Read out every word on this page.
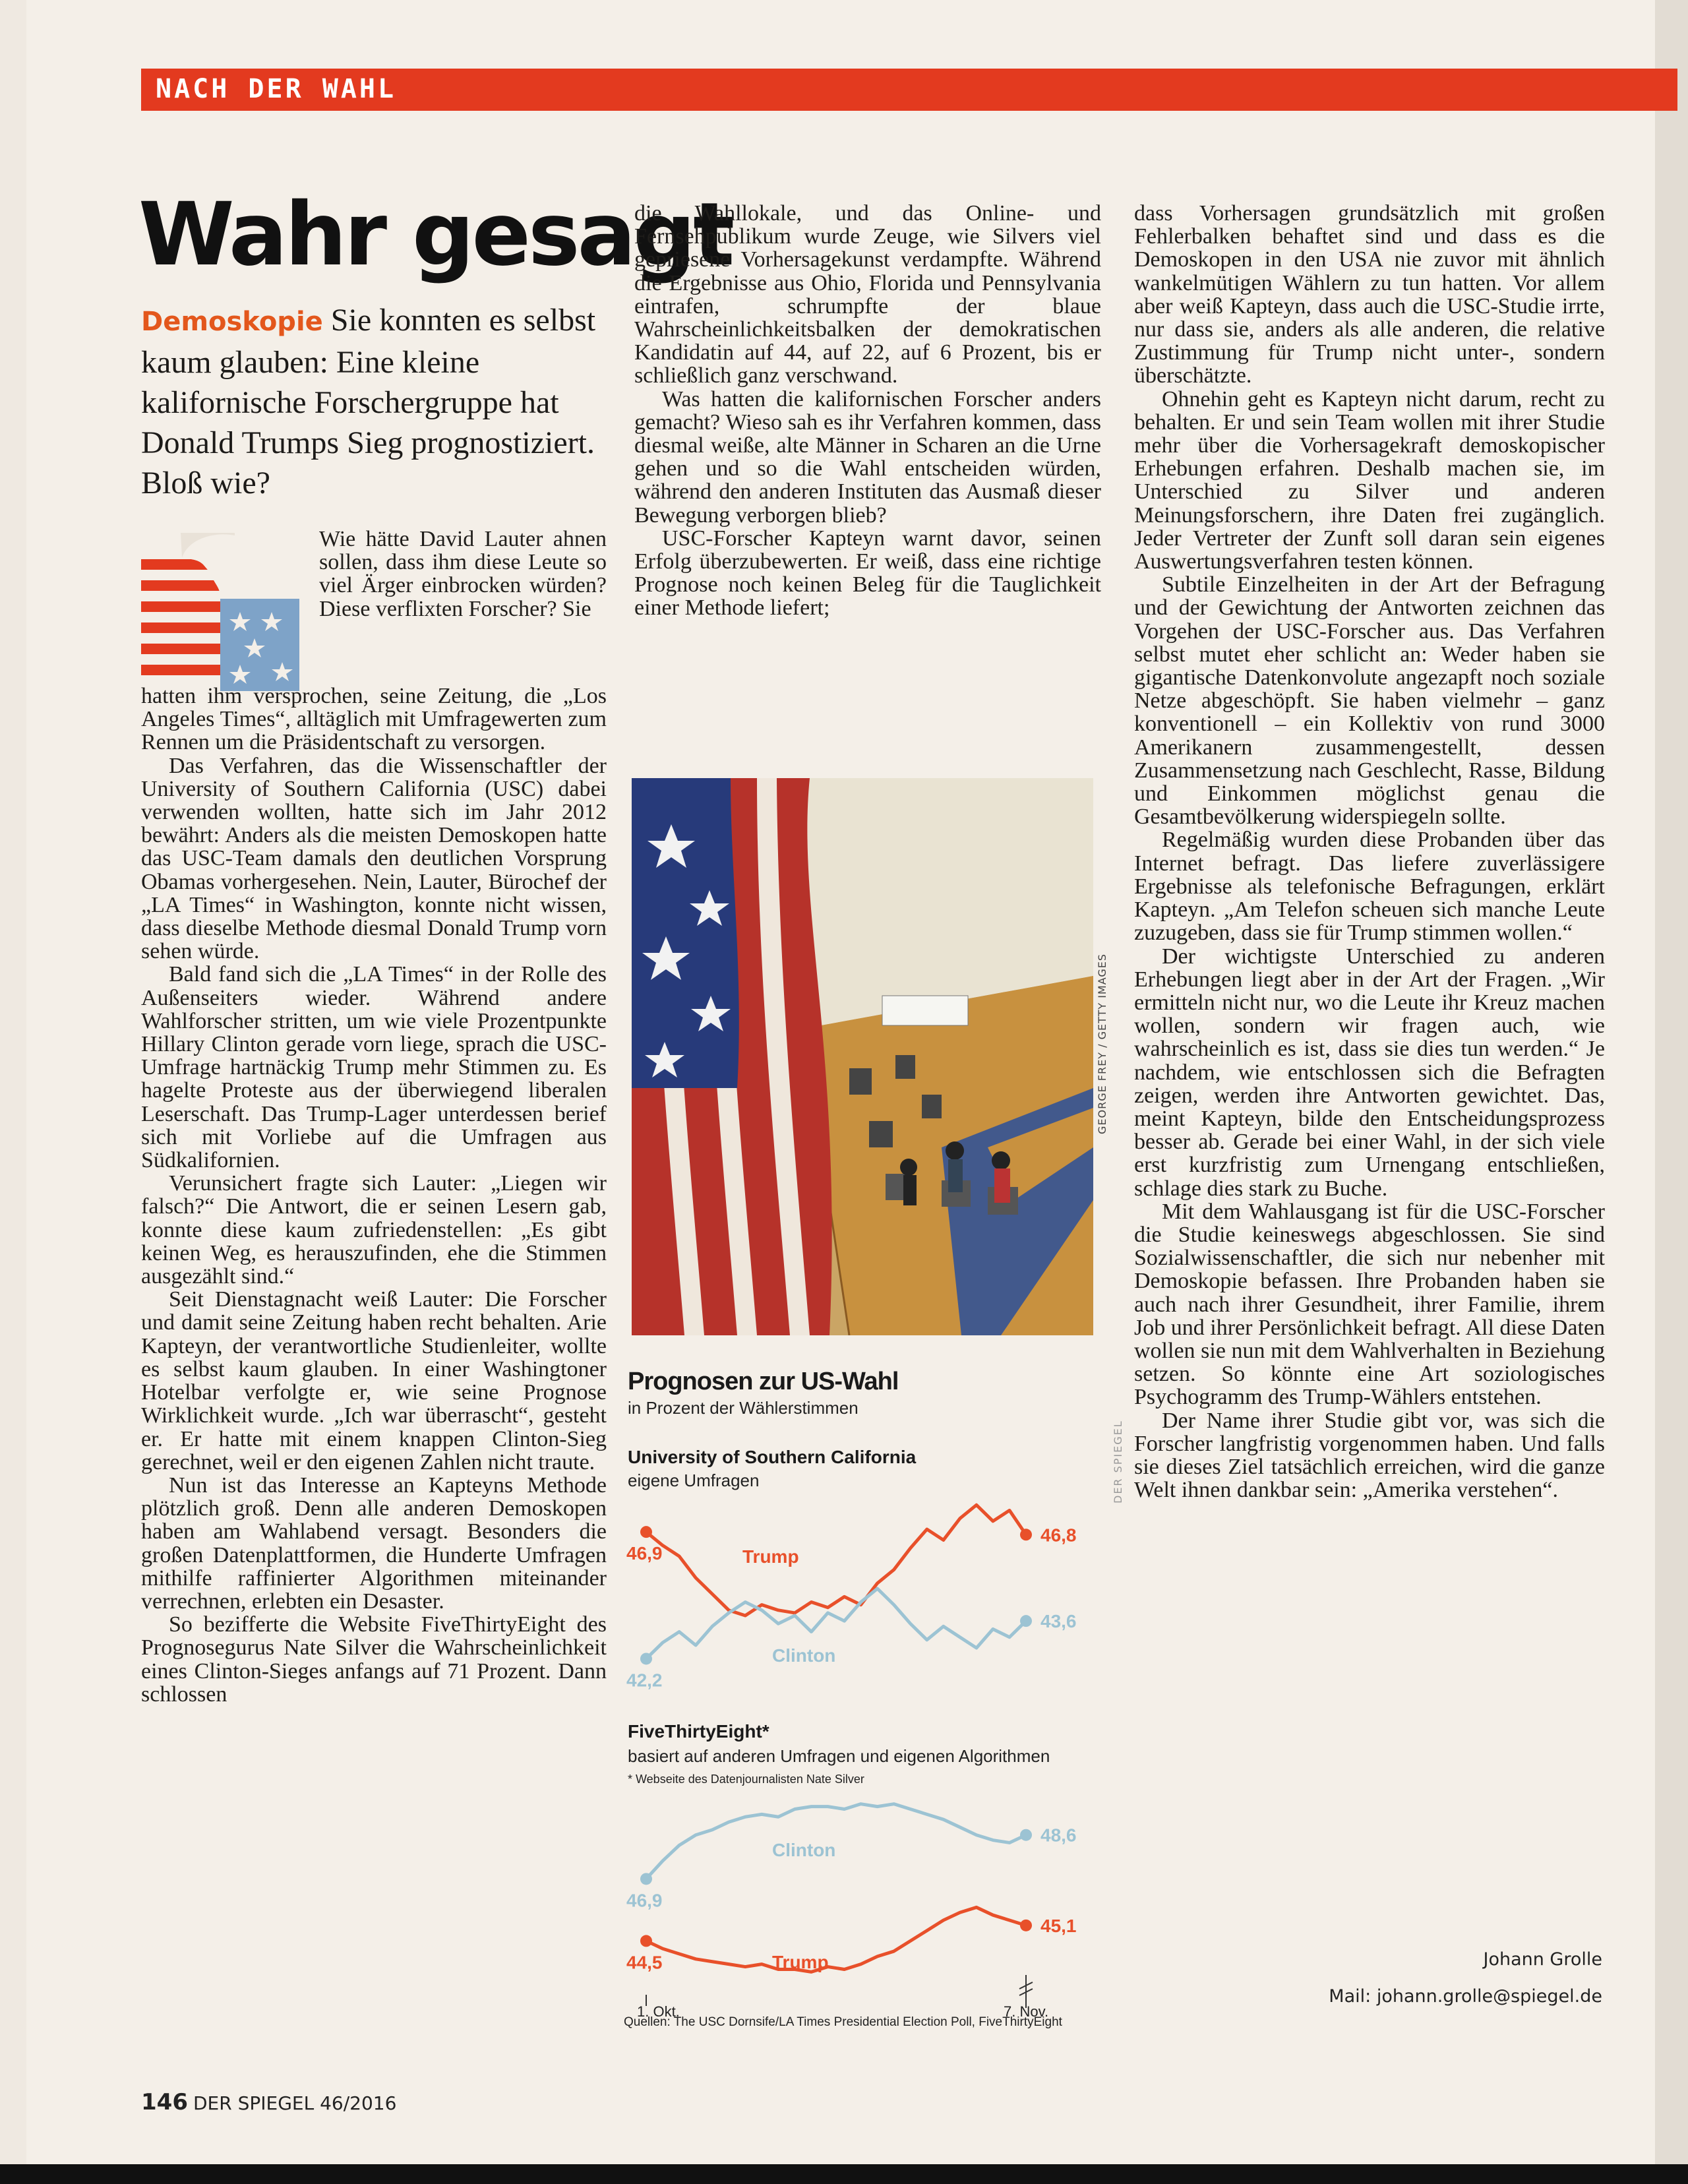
NACH DER WAHL
Wahr gesagt
Demoskopie Sie konnten es selbst kaum glauben: Eine kleine kalifornische Forschergruppe hat Donald Trumps Sieg prognostiziert. Bloß wie?

Wie hätte David Lauter ahnen sollen, dass ihm diese Leute so viel Ärger einbrocken würden? Diese verflixten Forscher? Sie

hatten ihm versprochen, seine Zeitung, die „Los Angeles Times“, alltäglich mit Umfragewerten zum Rennen um die Präsidentschaft zu versorgen.

Das Verfahren, das die Wissenschaftler der University of Southern California (USC) dabei verwenden wollten, hatte sich im Jahr 2012 bewährt: Anders als die meisten Demoskopen hatte das USC-Team damals den deutlichen Vorsprung Obamas vorhergesehen. Nein, Lauter, Bürochef der „LA Times“ in Washington, konnte nicht wissen, dass dieselbe Methode diesmal Donald Trump vorn sehen würde.

Bald fand sich die „LA Times“ in der Rolle des Außenseiters wieder. Während andere Wahlforscher stritten, um wie viele Prozentpunkte Hillary Clinton gerade vorn liege, sprach die USC-Umfrage hartnäckig Trump mehr Stimmen zu. Es hagelte Proteste aus der überwiegend liberalen Leserschaft. Das Trump-Lager unterdessen berief sich mit Vorliebe auf die Umfragen aus Südkalifornien.

Verunsichert fragte sich Lauter: „Liegen wir falsch?“ Die Antwort, die er seinen Lesern gab, konnte diese kaum zufriedenstellen: „Es gibt keinen Weg, es herauszufinden, ehe die Stimmen ausgezählt sind.“

Seit Dienstagnacht weiß Lauter: Die Forscher und damit seine Zeitung haben recht behalten. Arie Kapteyn, der verantwortliche Studienleiter, wollte es selbst kaum glauben. In einer Washingtoner Hotelbar verfolgte er, wie seine Prognose Wirklichkeit wurde. „Ich war überrascht“, gesteht er. Er hatte mit einem knappen Clinton-Sieg gerechnet, weil er den eigenen Zahlen nicht traute.

Nun ist das Interesse an Kapteyns Methode plötzlich groß. Denn alle anderen Demoskopen haben am Wahlabend versagt. Besonders die großen Datenplattformen, die Hunderte Umfragen mithilfe raffinierter Algorithmen miteinander verrechnen, erlebten ein Desaster.

So bezifferte die Website FiveThirtyEight des Prognosegurus Nate Silver die Wahrscheinlichkeit eines Clinton-Sieges anfangs auf 71 Prozent. Dann schlossen

die Wahllokale, und das Online- und Fernsehpublikum wurde Zeuge, wie Silvers viel gepriesene Vorhersagekunst verdampfte. Während die Ergebnisse aus Ohio, Florida und Pennsylvania eintrafen, schrumpfte der blaue Wahrscheinlichkeitsbalken der demokratischen Kandidatin auf 44, auf 22, auf 6 Prozent, bis er schließlich ganz verschwand.

Was hatten die kalifornischen Forscher anders gemacht? Wieso sah es ihr Verfahren kommen, dass diesmal weiße, alte Männer in Scharen an die Urne gehen und so die Wahl entscheiden würden, während den anderen Instituten das Ausmaß dieser Bewegung verborgen blieb?

USC-Forscher Kapteyn warnt davor, seinen Erfolg überzubewerten. Er weiß, dass eine richtige Prognose noch keinen Beleg für die Tauglichkeit einer Methode liefert;

dass Vorhersagen grundsätzlich mit großen Fehlerbalken behaftet sind und dass es die Demoskopen in den USA nie zuvor mit ähnlich wankelmütigen Wählern zu tun hatten. Vor allem aber weiß Kapteyn, dass auch die USC-Studie irrte, nur dass sie, anders als alle anderen, die relative Zustimmung für Trump nicht unter-, sondern überschätzte.

Ohnehin geht es Kapteyn nicht darum, recht zu behalten. Er und sein Team wollen mit ihrer Studie mehr über die Vorhersagekraft demoskopischer Erhebungen erfahren. Deshalb machen sie, im Unterschied zu Silver und anderen Meinungsforschern, ihre Daten frei zugänglich. Jeder Vertreter der Zunft soll daran sein eigenes Auswertungsverfahren testen können.

Subtile Einzelheiten in der Art der Befragung und der Gewichtung der Antworten zeichnen das Vorgehen der USC-Forscher aus. Das Verfahren selbst mutet eher schlicht an: Weder haben sie gigantische Datenkonvolute angezapft noch soziale Netze abgeschöpft. Sie haben vielmehr – ganz konventionell – ein Kollektiv von rund 3000 Amerikanern zusammengestellt, dessen Zusammensetzung nach Geschlecht, Rasse, Bildung und Einkommen möglichst genau die Gesamtbevölkerung widerspiegeln sollte.

Regelmäßig wurden diese Probanden über das Internet befragt. Das liefere zuverlässigere Ergebnisse als telefonische Befragungen, erklärt Kapteyn. „Am Telefon scheuen sich manche Leute zuzugeben, dass sie für Trump stimmen wollen.“

Der wichtigste Unterschied zu anderen Erhebungen liegt aber in der Art der Fragen. „Wir ermitteln nicht nur, wo die Leute ihr Kreuz machen wollen, sondern wir fragen auch, wie wahrscheinlich es ist, dass sie dies tun werden.“ Je nachdem, wie entschlossen sich die Befragten zeigen, werden ihre Antworten gewichtet. Das, meint Kapteyn, bilde den Entscheidungsprozess besser ab. Gerade bei einer Wahl, in der sich viele erst kurzfristig zum Urnengang entschließen, schlage dies stark zu Buche.

Mit dem Wahlausgang ist für die USC-Forscher die Studie keineswegs abgeschlossen. Sie sind Sozialwissenschaftler, die sich nur nebenher mit Demoskopie befassen. Ihre Probanden haben sie auch nach ihrer Gesundheit, ihrer Familie, ihrem Job und ihrer Persönlichkeit befragt. All diese Daten wollen sie nun mit dem Wahlverhalten in Beziehung setzen. So könnte eine Art soziologisches Psychogramm des Trump-Wählers entstehen.

Der Name ihrer Studie gibt vor, was sich die Forscher langfristig vorgenommen haben. Und falls sie dieses Ziel tatsächlich erreichen, wird die ganze Welt ihnen dankbar sein: „Amerika verstehen“.

GEORGE FREY / GETTY IMAGES
DER SPIEGEL
Prognosen zur US-Wahl
in Prozent der Wählerstimmen
University of Southern California
eigene Umfragen
FiveThirtyEight*
basiert auf anderen Umfragen und eigenen Algorithmen
* Webseite des Datenjournalisten Nate Silver
46,9
46,8
Trump
42,2
43,6
Clinton
46,9
48,6
Clinton
44,5
45,1
Trump
1. Okt.	7. Nov.
Quellen: The USC Dornsife/LA Times Presidential Election Poll, FiveThirtyEight
Johann Grolle
Mail: johann.grolle@spiegel.de
146 DER SPIEGEL 46/2016
